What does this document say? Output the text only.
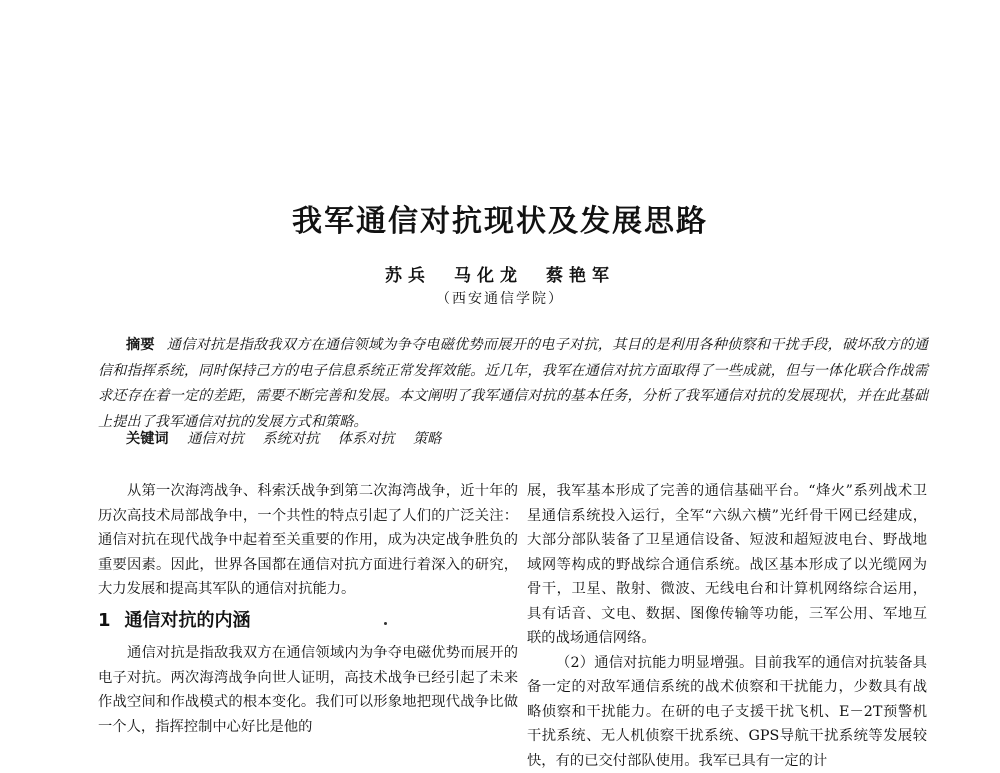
我军通信对抗现状及发展思路
苏兵　马化龙　蔡艳军
（西安通信学院）

摘要 通信对抗是指敌我双方在通信领域为争夺电磁优势而展开的电子对抗，其目的是利用各种侦察和干扰手段，破坏敌方的通信和指挥系统，同时保持己方的电子信息系统正常发挥效能。近几年，我军在通信对抗方面取得了一些成就，但与一体化联合作战需求还存在着一定的差距，需要不断完善和发展。本文阐明了我军通信对抗的基本任务，分析了我军通信对抗的发展现状，并在此基础上提出了我军通信对抗的发展方式和策略。

关键词 通信对抗 系统对抗 体系对抗 策略

从第一次海湾战争、科索沃战争到第二次海湾战争，近十年的历次高技术局部战争中，一个共性的特点引起了人们的广泛关注：通信对抗在现代战争中起着至关重要的作用，成为决定战争胜负的重要因素。因此，世界各国都在通信对抗方面进行着深入的研究，大力发展和提高其军队的通信对抗能力。

1 通信对抗的内涵

通信对抗是指敌我双方在通信领域内为争夺电磁优势而展开的电子对抗。两次海湾战争向世人证明，高技术战争已经引起了未来作战空间和作战模式的根本变化。我们可以形象地把现代战争比做一个人，指挥控制中心好比是他的

展，我军基本形成了完善的通信基础平台。“烽火”系列战术卫星通信系统投入运行，全军“六纵六横”光纤骨干网已经建成，大部分部队装备了卫星通信设备、短波和超短波电台、野战地域网等构成的野战综合通信系统。战区基本形成了以光缆网为骨干，卫星、散射、微波、无线电台和计算机网络综合运用，具有话音、文电、数据、图像传输等功能，三军公用、军地互联的战场通信网络。

（2）通信对抗能力明显增强。目前我军的通信对抗装备具备一定的对敌军通信系统的战术侦察和干扰能力，少数具有战略侦察和干扰能力。在研的电子支援干扰飞机、E－2T预警机干扰系统、无人机侦察干扰系统、GPS导航干扰系统等发展较快，有的已交付部队使用。我军已具有一定的计
